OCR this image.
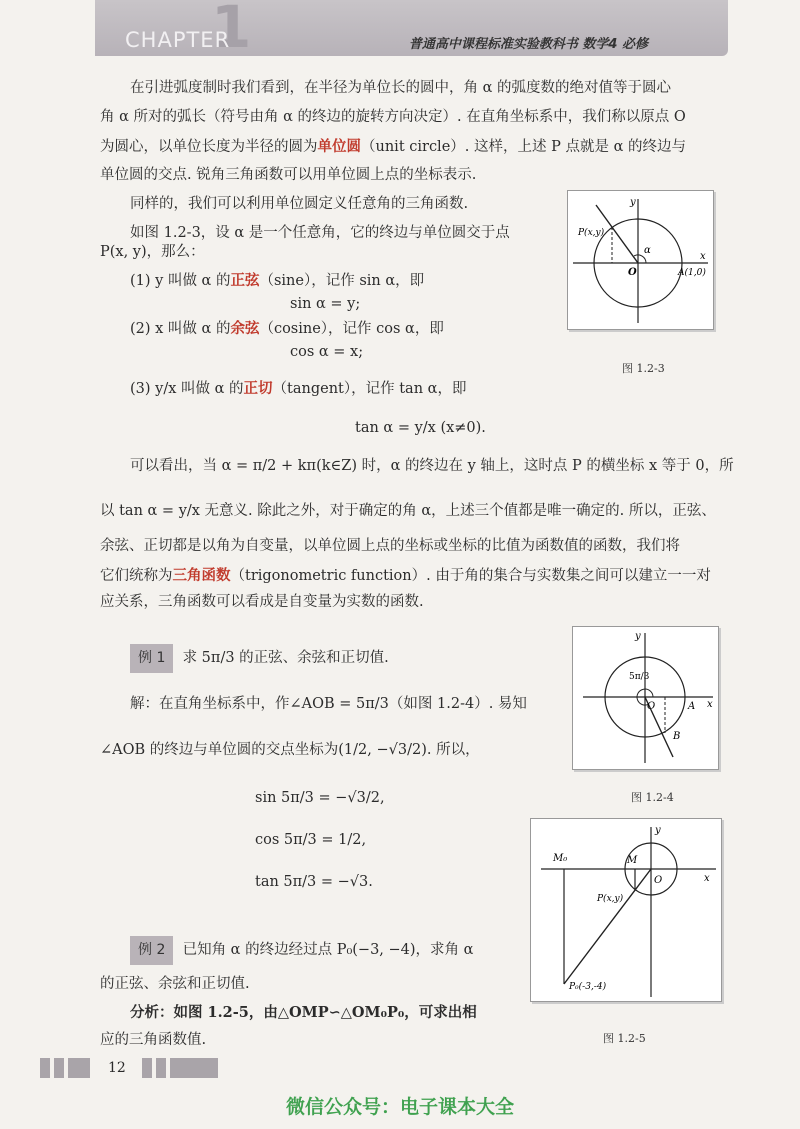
1
CHAPTER	普通高中课程标准实验教科书 数学4 必修
在引进弧度制时我们看到，在半径为单位长的圆中，角 α 的弧度数的绝对值等于圆心
角 α 所对的弧长（符号由角 α 的终边的旋转方向决定）. 在直角坐标系中，我们称以原点 O
为圆心，以单位长度为半径的圆为单位圆（unit circle）. 这样，上述 P 点就是 α 的终边与
单位圆的交点. 锐角三角函数可以用单位圆上点的坐标表示.
同样的，我们可以利用单位圆定义任意角的三角函数.
如图 1.2-3，设 α 是一个任意角，它的终边与单位圆交于点
P(x, y)，那么：
(1) y 叫做 α 的正弦（sine），记作 sin α，即
sin α = y;
(2) x 叫做 α 的余弦（cosine），记作 cos α，即
cos α = x;
(3) y/x 叫做 α 的正切（tangent），记作 tan α，即
tan α = y/x (x≠0).
可以看出，当 α = π/2 + kπ(k∈Z) 时，α 的终边在 y 轴上，这时点 P 的横坐标 x 等于 0，所
以 tan α = y/x 无意义. 除此之外，对于确定的角 α，上述三个值都是唯一确定的. 所以，正弦、
余弦、正切都是以角为自变量，以单位圆上点的坐标或坐标的比值为函数值的函数，我们将
它们统称为三角函数（trigonometric function）. 由于角的集合与实数集之间可以建立一一对
应关系，三角函数可以看成是自变量为实数的函数.
例 1 求 5π/3 的正弦、余弦和正切值.
解：在直角坐标系中，作∠AOB = 5π/3（如图 1.2-4）. 易知
∠AOB 的终边与单位圆的交点坐标为(1/2, −√3/2). 所以，
sin 5π/3 = −√3/2,
cos 5π/3 = 1/2,
tan 5π/3 = −√3.
例 2 已知角 α 的终边经过点 P₀(−3, −4)，求角 α
的正弦、余弦和正切值.
分析：如图 1.2-5，由△OMP∽△OM₀P₀，可求出相
应的三角函数值.
y
P(x,y)
α
O	A(1,0)
x
图 1.2-3
y
5π/3
O	A x
B
图 1.2-4
M₀	M
y
O	x
P(x,y)
P₀(-3,-4)
图 1.2-5
12
微信公众号：电子课本大全
